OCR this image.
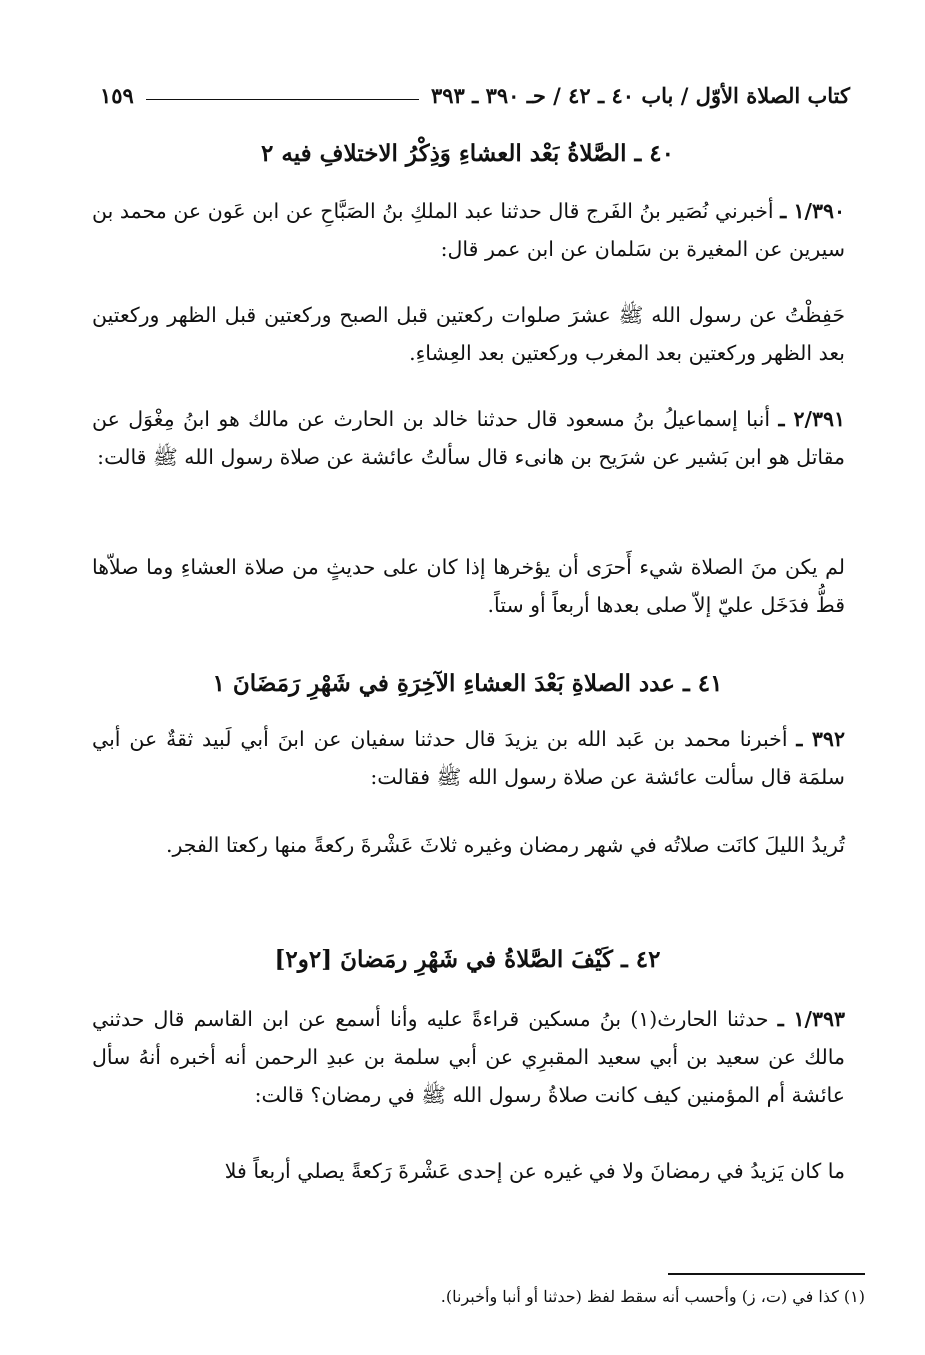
كتاب الصلاة الأوّل / باب ٤٠ ـ ٤٢ / حـ ٣٩٠ ـ ٣٩٣
١٥٩
٤٠ ـ الصَّلاةُ بَعْد العشاءِ وَذِكْرُ الاختلافِ فيه ٢
١/٣٩٠ ـ أخبرني نُصَير بنُ الفَرج قال حدثنا عبد الملكِ بنُ الصَبَّاحِ عن ابن عَون عن محمد بن سيرين عن المغيرة بن سَلمان عن ابن عمر قال:
حَفِظْتُ عن رسول الله ﷺ عشرَ صلوات ركعتين قبل الصبح وركعتين قبل الظهر وركعتين بعد الظهر وركعتين بعد المغرب وركعتين بعد العِشاءِ.
٢/٣٩١ ـ أنبا إسماعيلُ بنُ مسعود قال حدثنا خالد بن الحارث عن مالك هو ابنُ مِغْوَل عن مقاتل هو ابن بَشير عن شرَيح بن هانىء قال سألتُ عائشة عن صلاة رسول الله ﷺ قالت:
لم يكن منَ الصلاة شيء أَحرَى أن يؤخرها إذا كان على حديثٍ من صلاة العشاءِ وما صلاّها قطُّ فدَخَل عليّ إلاّ صلى بعدها أربعاً أو ستاً.
٤١ ـ عدد الصلاةِ بَعْدَ العشاءِ الآخِرَةِ في شَهْرِ رَمَضَانَ ١
٣٩٢ ـ أخبرنا محمد بن عَبد الله بن يزيدَ قال حدثنا سفيان عن ابنَ أبي لَبيد ثقةٌ عن أبي سلمَة قال سألت عائشة عن صلاة رسول الله ﷺ فقالت:
تُريدُ الليلَ كانَت صلاتُه في شهر رمضان وغيره ثلاثَ عَشْرةَ ركعةً منها ركعتا الفجر.
٤٢ ـ كَيْفَ الصَّلاةُ في شَهْرِ رمَضانَ [٢و٢]
١/٣٩٣ ـ حدثنا الحارث(١) بنُ مسكين قراءةً عليه وأنا أسمع عن ابن القاسم قال حدثني مالك عن سعيد بن أبي سعيد المقبرِي عن أبي سلمة بن عبدِ الرحمن أنه أخبره أنهُ سأل عائشة أم المؤمنين كيف كانت صلاةُ رسول الله ﷺ في رمضان؟ قالت:
ما كان يَزيدُ في رمضانَ ولا في غيره عن إحدى عَشْرةَ رَكعةً يصلي أربعاً فلا
(١) كذا في (ت، ز) وأحسب أنه سقط لفظ (حدثنا أو أنبا وأخبرنا).
